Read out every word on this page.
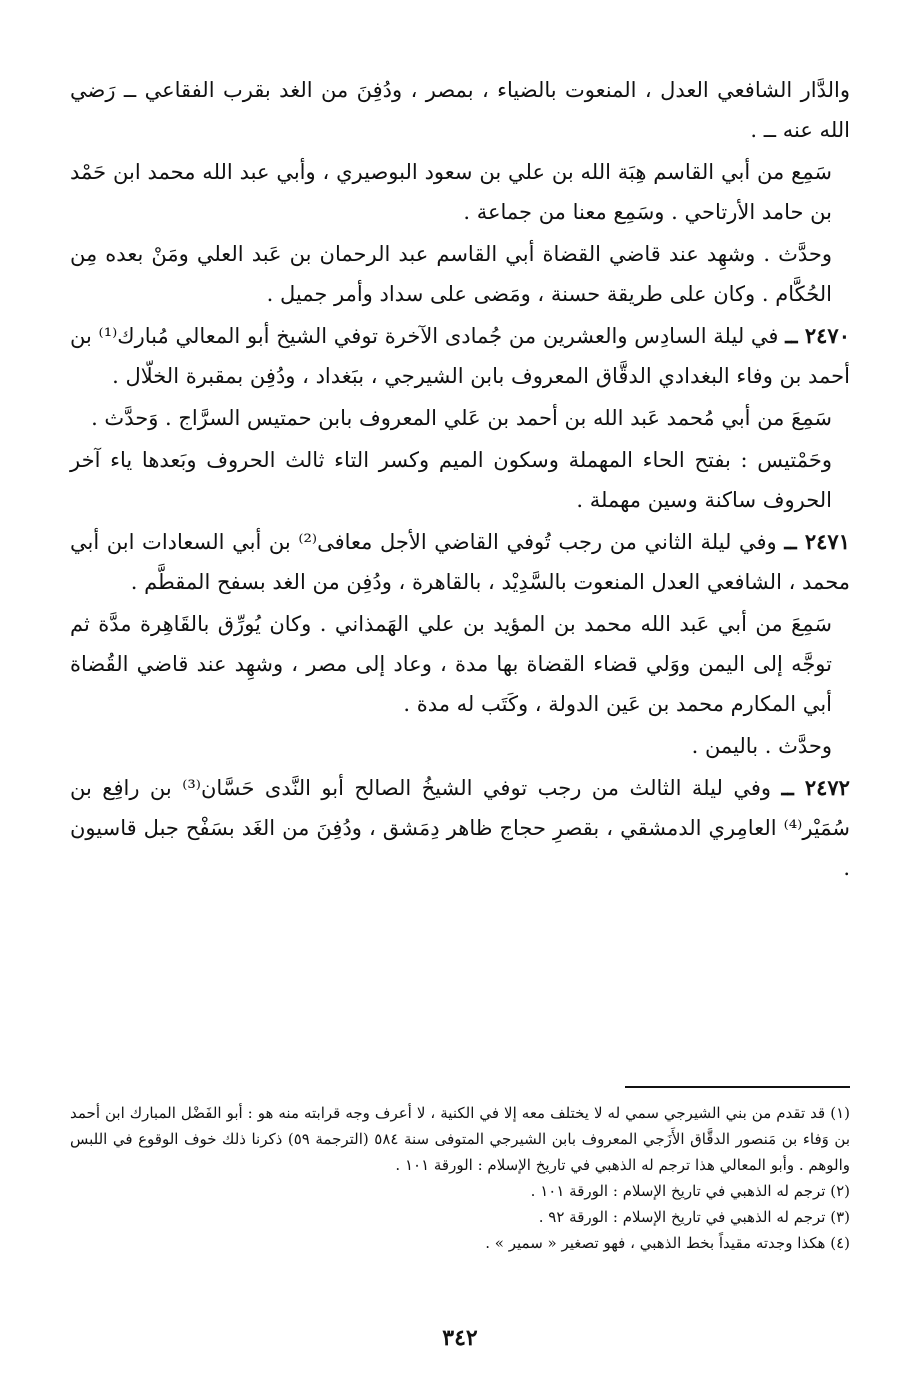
والدَّار الشافعي العدل ، المنعوت بالضياء ، بمصر ، ودُفِنَ من الغد بقرب الفقاعي ــ رَضي الله عنه ــ .

سَمِع من أبي القاسم هِبَة الله بن علي بن سعود البوصيري ، وأبي عبد الله محمد ابن حَمْد بن حامد الأرتاحي . وسَمِع معنا من جماعة .

وحدَّث . وشهِد عند قاضي القضاة أبي القاسم عبد الرحمان بن عَبد العلي ومَنْ بعده مِن الحُكَّام . وكان على طريقة حسنة ، ومَضى على سداد وأمر جميل .

٢٤٧٠ ــ في ليلة السادِس والعشرين من جُمادى الآخرة توفي الشيخ أبو المعالي مُبارك⁽¹⁾ بن أحمد بن وفاء البغدادي الدقَّاق المعروف بابن الشيرجي ، ببَغداد ، ودُفِن بمقبرة الخلّال .

سَمِعَ من أبي مُحمد عَبد الله بن أحمد بن عَلي المعروف بابن حمتيس السرَّاج . وَحدَّث .

وحَمْتيس : بفتح الحاء المهملة وسكون الميم وكسر التاء ثالث الحروف وبَعدها ياء آخر الحروف ساكنة وسين مهملة .

٢٤٧١ ــ وفي ليلة الثاني من رجب تُوفي القاضي الأجل معافى⁽²⁾ بن أبي السعادات ابن أبي محمد ، الشافعي العدل المنعوت بالسَّدِيْد ، بالقاهرة ، ودُفِن من الغد بسفح المقطَّم .

سَمِعَ من أبي عَبد الله محمد بن المؤيد بن علي الهَمذاني . وكان يُورِّق بالقَاهِرة مدَّة ثم توجَّه إلى اليمن ووَلي قضاء القضاة بها مدة ، وعاد إلى مصر ، وشهِد عند قاضي القُضاة أبي المكارم محمد بن عَين الدولة ، وكَتَب له مدة .

وحدَّث . باليمن .

٢٤٧٢ ــ وفي ليلة الثالث من رجب توفي الشيخُ الصالح أبو النَّدى حَسَّان⁽³⁾ بن رافِع بن سُمَيْر⁽⁴⁾ العامِري الدمشقي ، بقصرِ حجاج ظاهر دِمَشق ، ودُفِنَ من الغَد بسَفْح جبل قاسيون .

(١) قد تقدم من بني الشيرجي سمي له لا يختلف معه إلا في الكنية ، لا أعرف وجه قرابته منه هو : أبو الفَضْل المبارك ابن أحمد بن وَفاء بن مَنصور الدقَّاق الأَزَجي المعروف بابن الشيرجي المتوفى سنة ٥٨٤ (الترجمة ٥٩) ذكرنا ذلك خوف الوقوع في اللبس والوهم . وأبو المعالي هذا ترجم له الذهبي في تاريخ الإسلام : الورقة ١٠١ .

(٢) ترجم له الذهبي في تاريخ الإسلام : الورقة ١٠١ .

(٣) ترجم له الذهبي في تاريخ الإسلام : الورقة ٩٢ .

(٤) هكذا وجدته مقيداً بخط الذهبي ، فهو تصغير « سمير » .

٣٤٢
